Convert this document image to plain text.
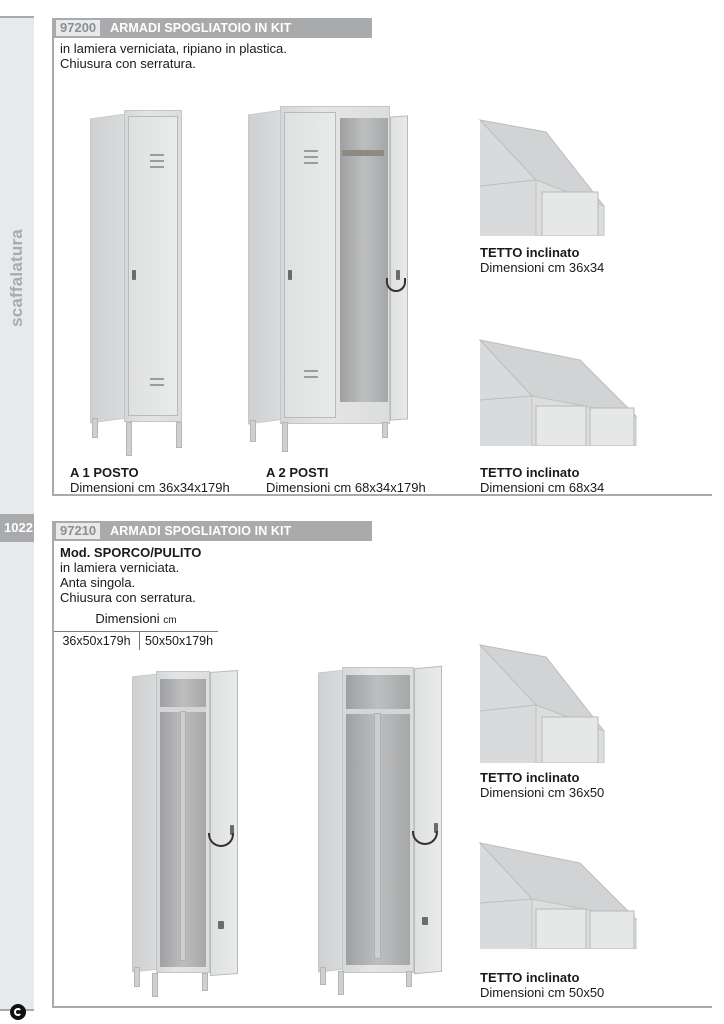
scaffalatura
1022
97200	ARMADI SPOGLIATOIO IN KIT
in lamiera verniciata, ripiano in plastica.
Chiusura con serratura.
A 1 POSTO
Dimensioni cm 36x34x179h
A 2 POSTI
Dimensioni cm 68x34x179h
TETTO inclinato
Dimensioni cm 36x34
TETTO inclinato
Dimensioni cm 68x34
97210	ARMADI SPOGLIATOIO IN KIT
Mod. SPORCO/PULITO
in lamiera verniciata.
Anta singola.
Chiusura con serratura.
Dimensioni cm
36x50x179h	50x50x179h
TETTO inclinato
Dimensioni cm 36x50
TETTO inclinato
Dimensioni cm 50x50
